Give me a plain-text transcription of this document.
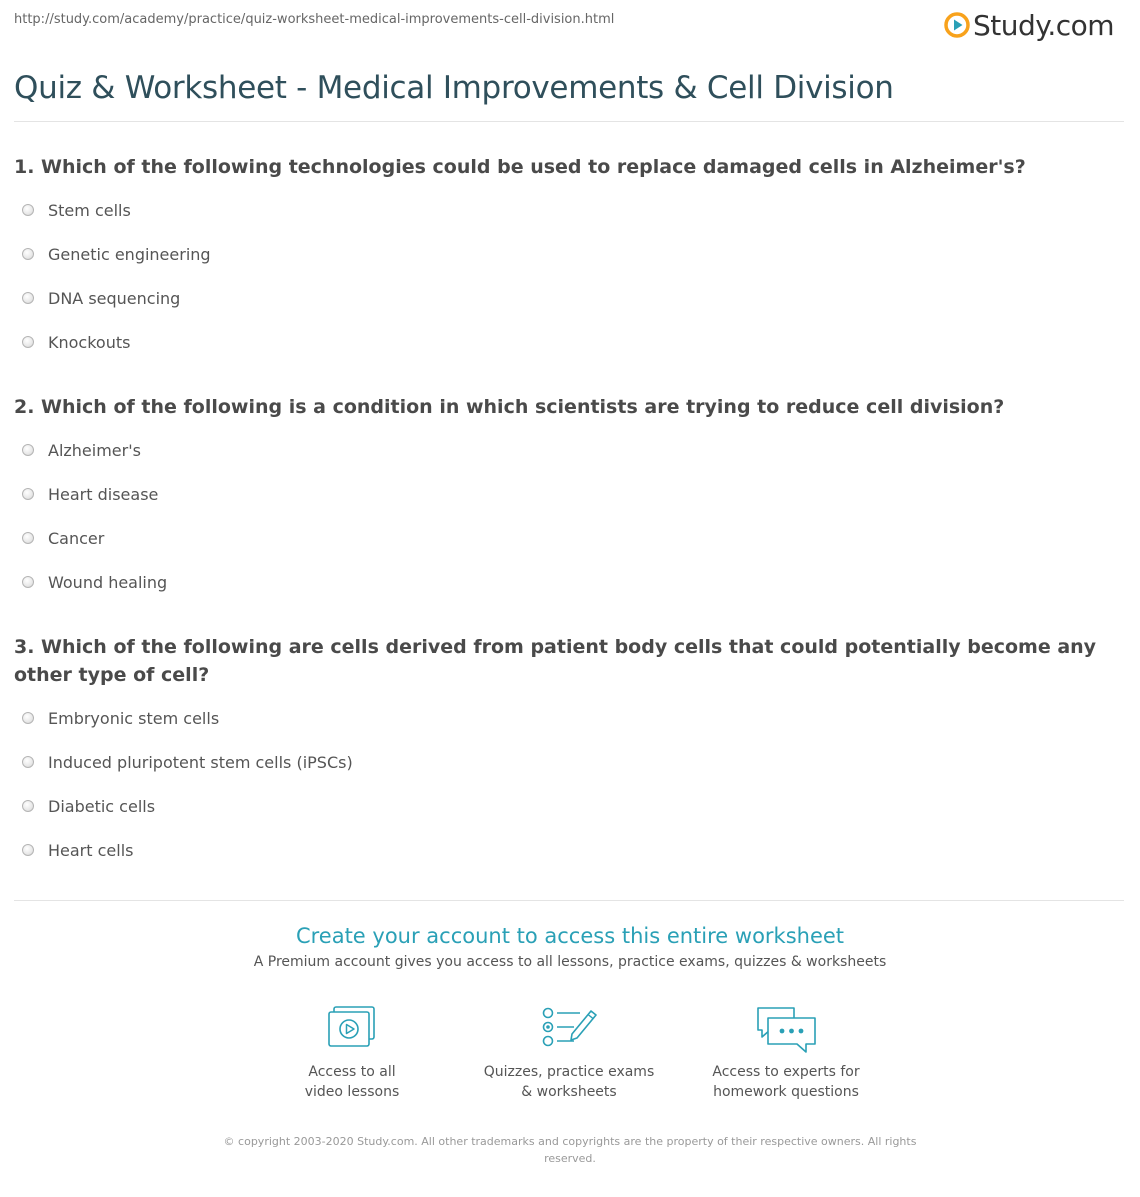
http://study.com/academy/practice/quiz-worksheet-medical-improvements-cell-division.html	Study.com
Quiz & Worksheet - Medical Improvements & Cell Division

1. Which of the following technologies could be used to replace damaged cells in Alzheimer's?

Stem cells
Genetic engineering
DNA sequencing
Knockouts

2. Which of the following is a condition in which scientists are trying to reduce cell division?

Alzheimer's
Heart disease
Cancer
Wound healing

3. Which of the following are cells derived from patient body cells that could potentially become any other type of cell?

Embryonic stem cells
Induced pluripotent stem cells (iPSCs)
Diabetic cells
Heart cells
Create your account to access this entire worksheet
A Premium account gives you access to all lessons, practice exams, quizzes & worksheets
Access to all
video lessons
Quizzes, practice exams
& worksheets
Access to experts for
homework questions
© copyright 2003-2020 Study.com. All other trademarks and copyrights are the property of their respective owners. All rights
reserved.
